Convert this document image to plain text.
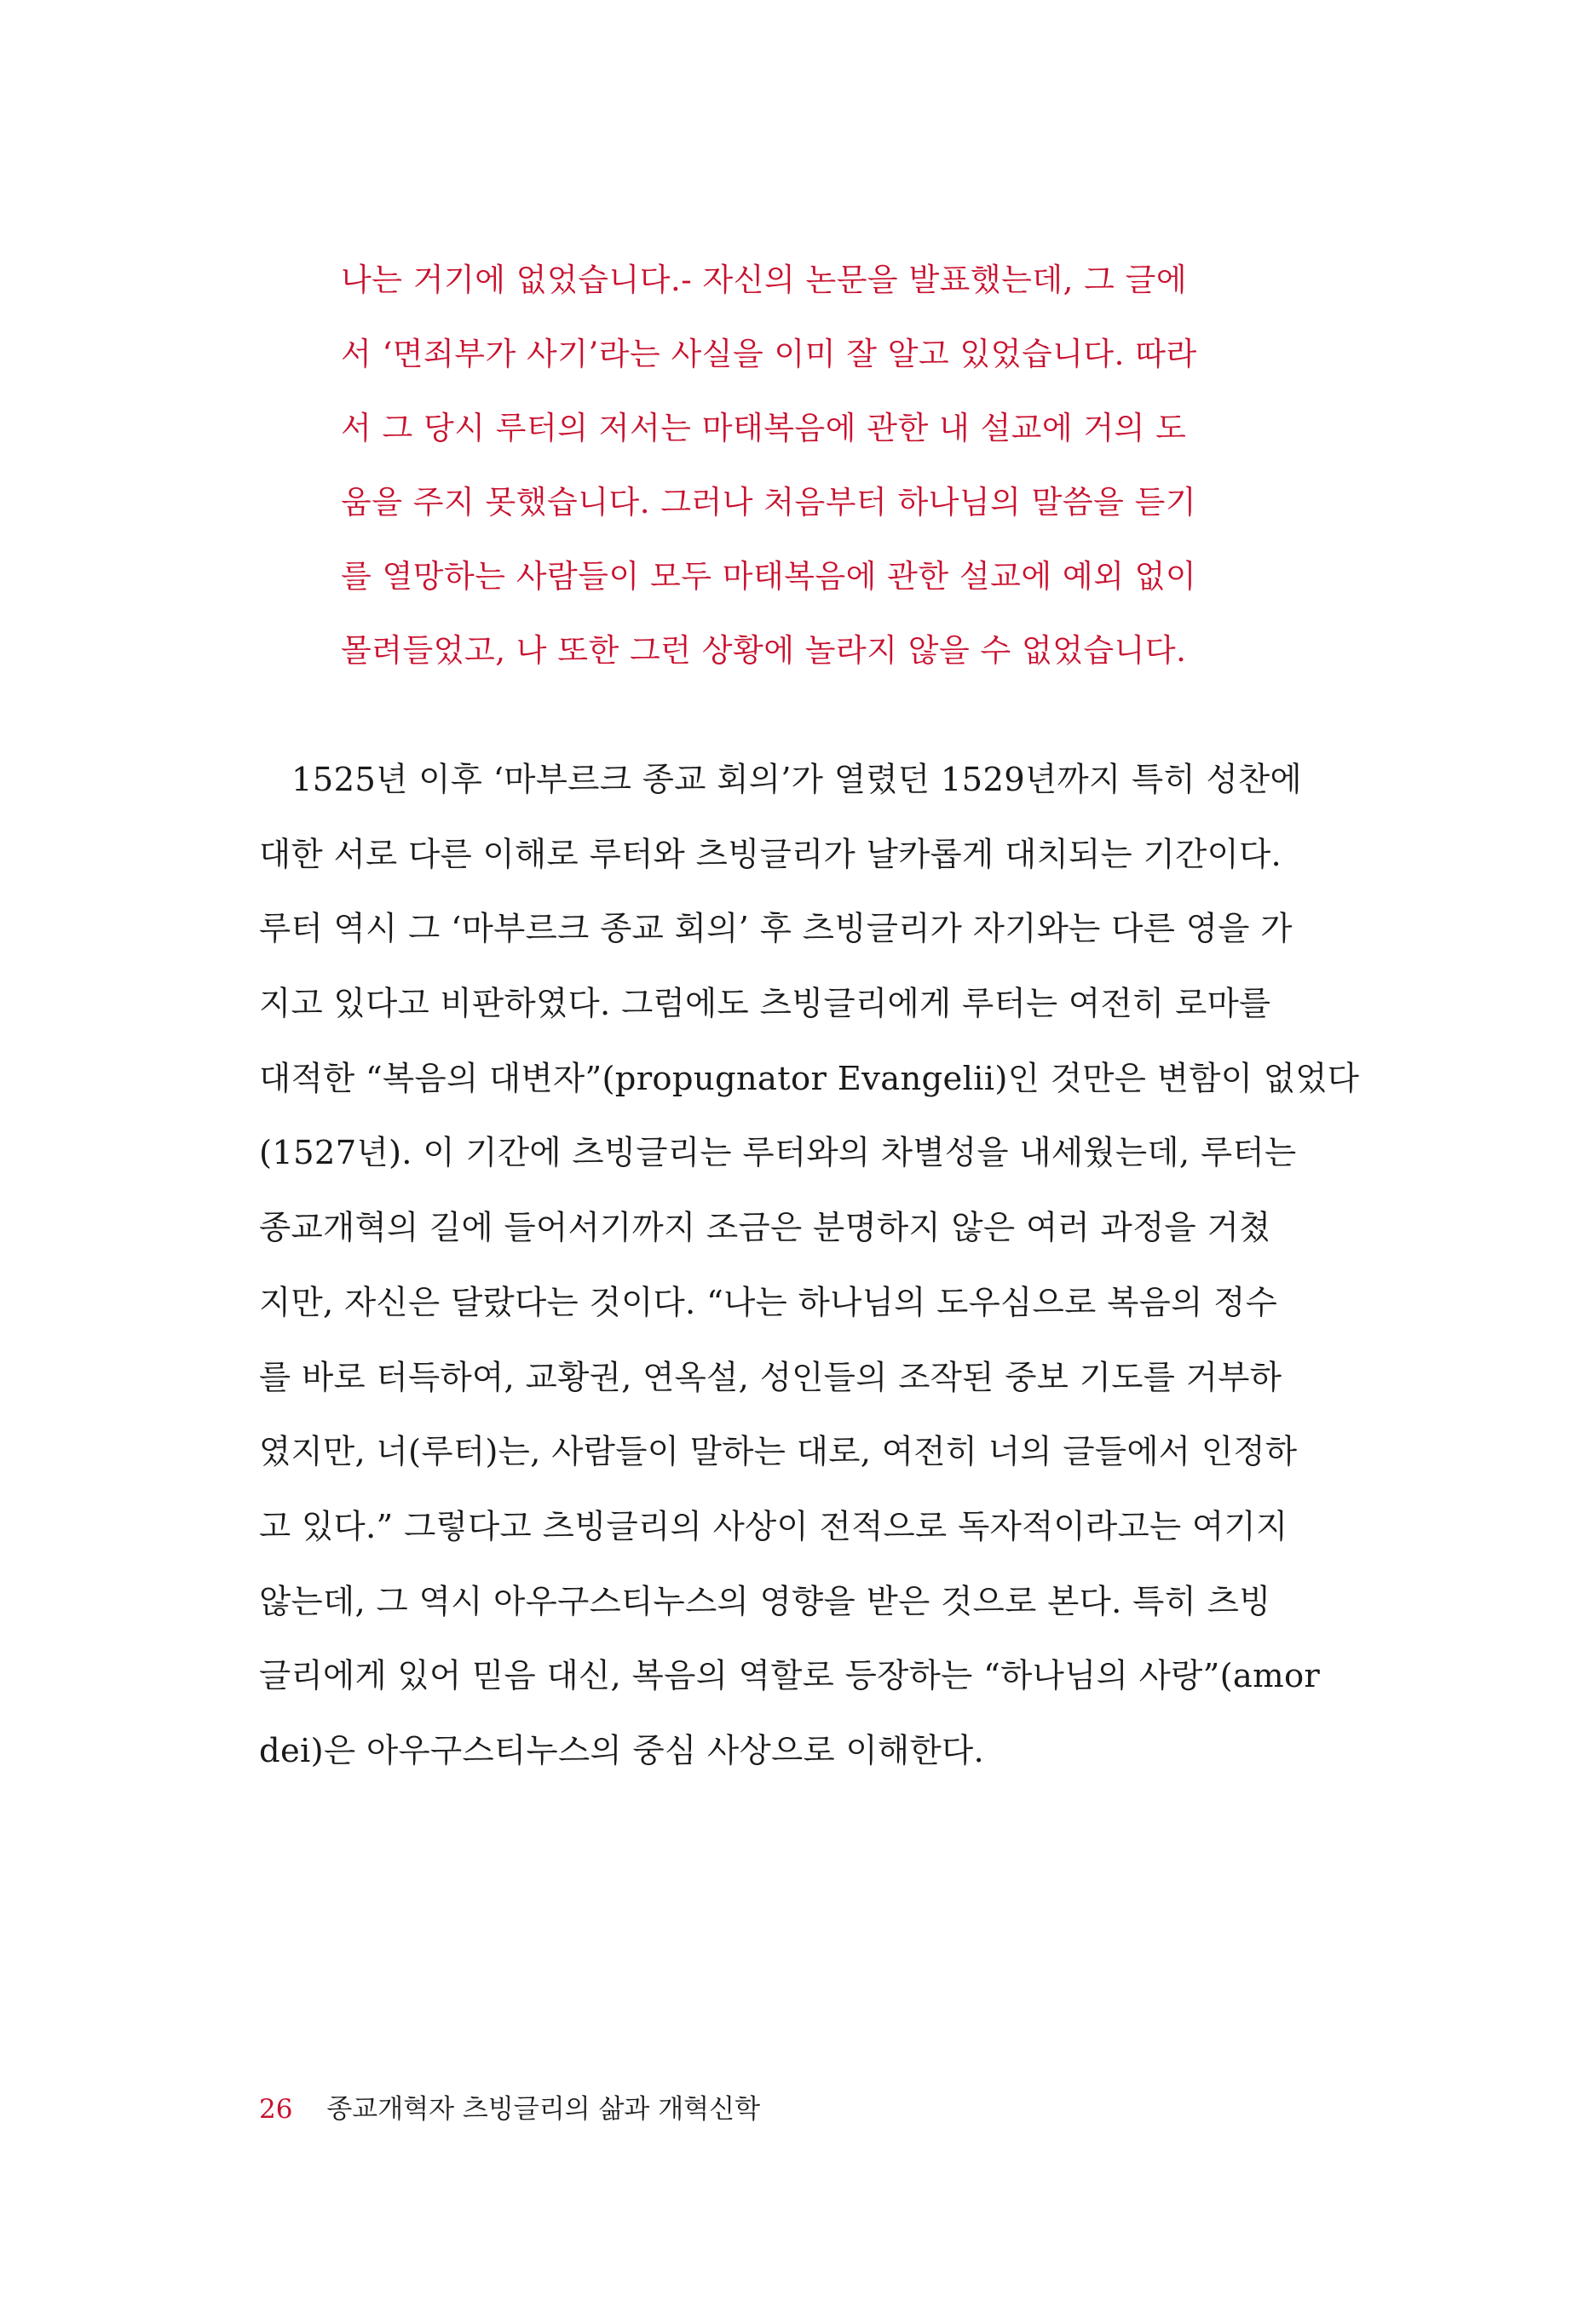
나는 거기에 없었습니다.- 자신의 논문을 발표했는데, 그 글에
서 ‘면죄부가 사기’라는 사실을 이미 잘 알고 있었습니다. 따라
서 그 당시 루터의 저서는 마태복음에 관한 내 설교에 거의 도
움을 주지 못했습니다. 그러나 처음부터 하나님의 말씀을 듣기
를 열망하는 사람들이 모두 마태복음에 관한 설교에 예외 없이
몰려들었고, 나 또한 그런 상황에 놀라지 않을 수 없었습니다.
1525년 이후 ‘마부르크 종교 회의’가 열렸던 1529년까지 특히 성찬에
대한 서로 다른 이해로 루터와 츠빙글리가 날카롭게 대치되는 기간이다.
루터 역시 그 ‘마부르크 종교 회의’ 후 츠빙글리가 자기와는 다른 영을 가
지고 있다고 비판하였다. 그럼에도 츠빙글리에게 루터는 여전히 로마를
대적한 “복음의 대변자”(propugnator Evangelii)인 것만은 변함이 없었다
(1527년). 이 기간에 츠빙글리는 루터와의 차별성을 내세웠는데, 루터는
종교개혁의 길에 들어서기까지 조금은 분명하지 않은 여러 과정을 거쳤
지만, 자신은 달랐다는 것이다. “나는 하나님의 도우심으로 복음의 정수
를 바로 터득하여, 교황권, 연옥설, 성인들의 조작된 중보 기도를 거부하
였지만, 너(루터)는, 사람들이 말하는 대로, 여전히 너의 글들에서 인정하
고 있다.” 그렇다고 츠빙글리의 사상이 전적으로 독자적이라고는 여기지
않는데, 그 역시 아우구스티누스의 영향을 받은 것으로 본다. 특히 츠빙
글리에게 있어 믿음 대신, 복음의 역할로 등장하는 “하나님의 사랑”(amor
dei)은 아우구스티누스의 중심 사상으로 이해한다.
26 종교개혁자 츠빙글리의 삶과 개혁신학
